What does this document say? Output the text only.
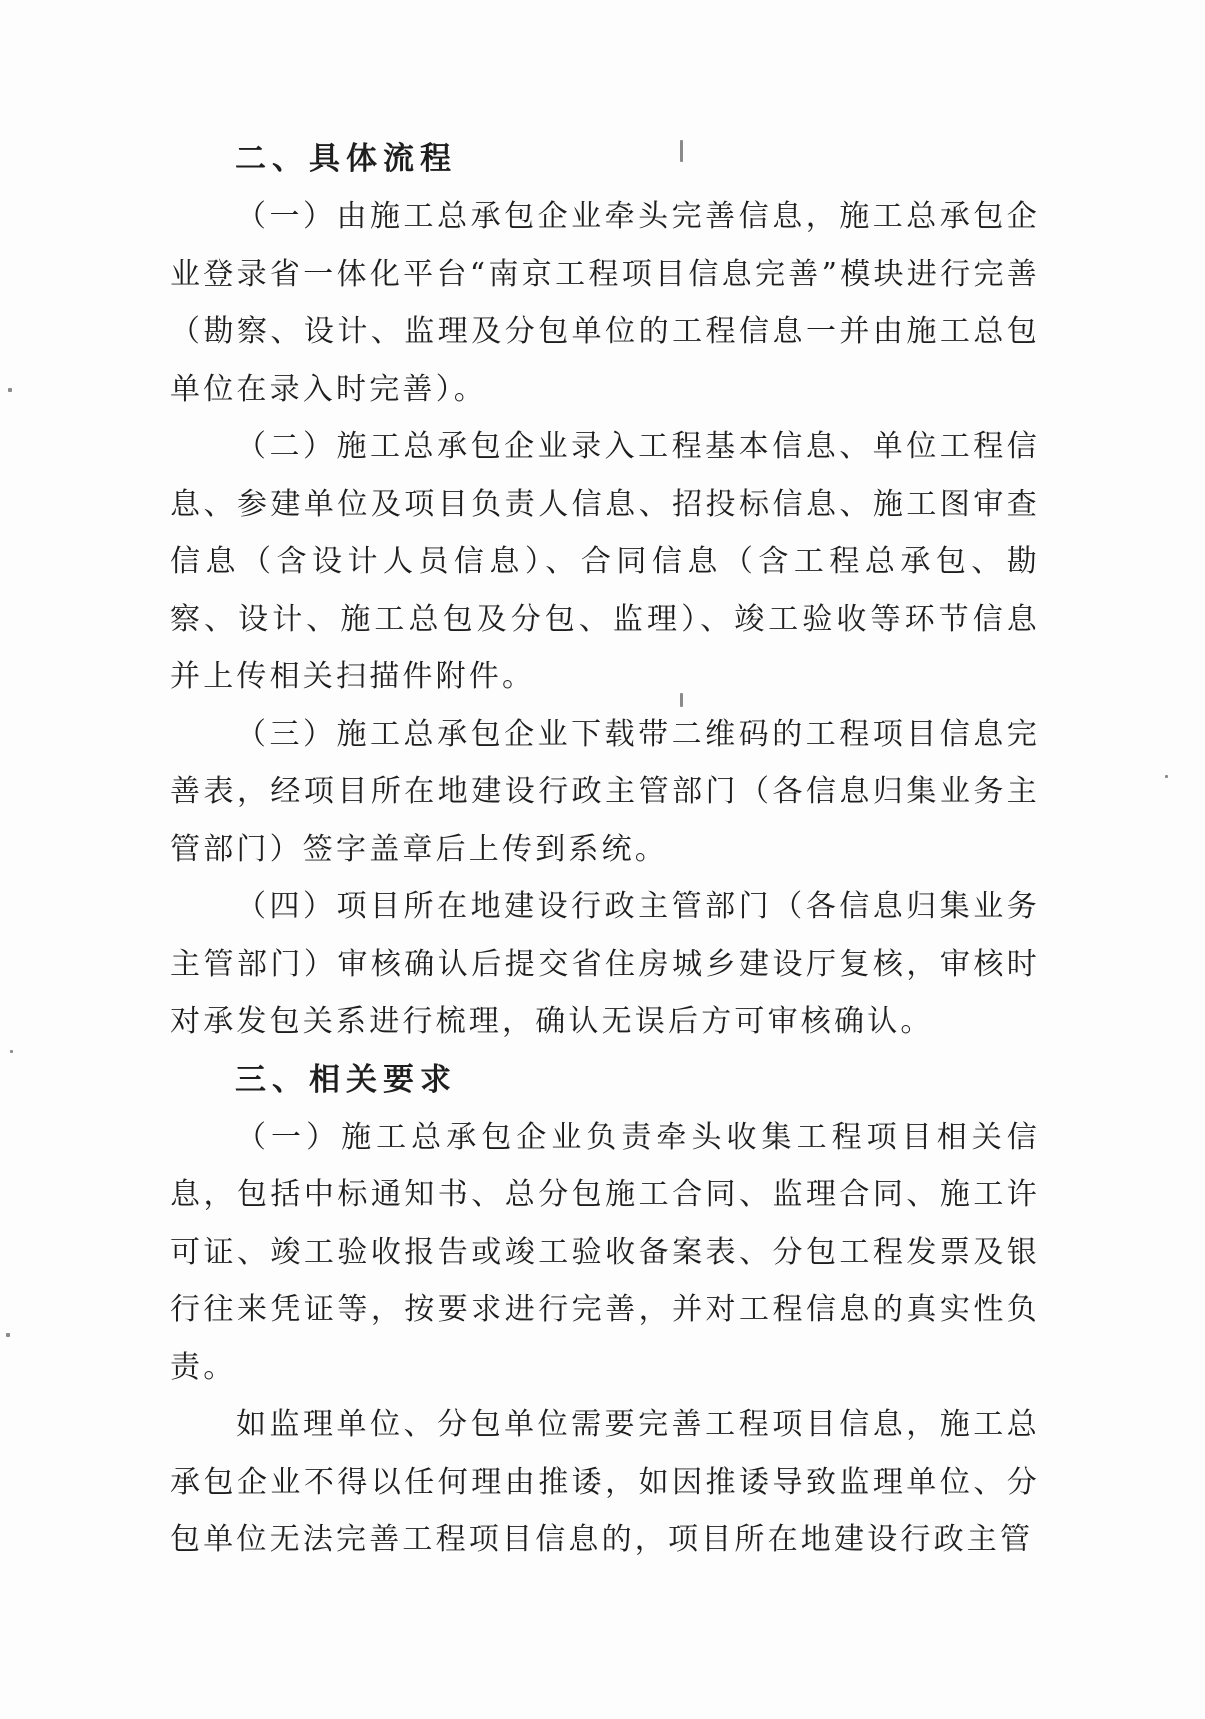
二、具体流程

（一）由施工总承包企业牵头完善信息，施工总承包企业登录省一体化平台“南京工程项目信息完善”模块进行完善（勘察、设计、监理及分包单位的工程信息一并由施工总包单位在录入时完善）。

（二）施工总承包企业录入工程基本信息、单位工程信息、参建单位及项目负责人信息、招投标信息、施工图审查信息（含设计人员信息）、合同信息（含工程总承包、勘察、设计、施工总包及分包、监理）、竣工验收等环节信息并上传相关扫描件附件。

（三）施工总承包企业下载带二维码的工程项目信息完善表，经项目所在地建设行政主管部门（各信息归集业务主管部门）签字盖章后上传到系统。

（四）项目所在地建设行政主管部门（各信息归集业务主管部门）审核确认后提交省住房城乡建设厅复核，审核时对承发包关系进行梳理，确认无误后方可审核确认。

三、相关要求

（一）施工总承包企业负责牵头收集工程项目相关信息，包括中标通知书、总分包施工合同、监理合同、施工许可证、竣工验收报告或竣工验收备案表、分包工程发票及银行往来凭证等，按要求进行完善，并对工程信息的真实性负责。

如监理单位、分包单位需要完善工程项目信息，施工总承包企业不得以任何理由推诿，如因推诿导致监理单位、分包单位无法完善工程项目信息的，项目所在地建设行政主管
